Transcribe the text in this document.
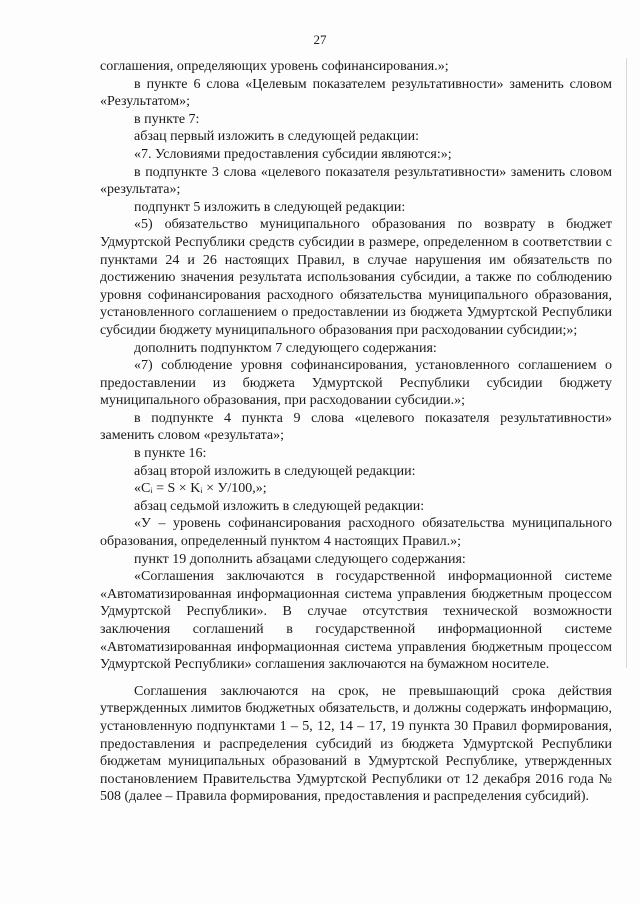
27

соглашения, определяющих уровень софинансирования.»;

в пункте 6 слова «Целевым показателем результативности» заменить словом «Результатом»;

в пункте 7:

абзац первый изложить в следующей редакции:

«7. Условиями предоставления субсидии являются:»;

в подпункте 3 слова «целевого показателя результативности» заменить словом «результата»;

подпункт 5 изложить в следующей редакции:

«5) обязательство муниципального образования по возврату в бюджет Удмуртской Республики средств субсидии в размере, определенном в соответствии с пунктами 24 и 26 настоящих Правил, в случае нарушения им обязательств по достижению значения результата использования субсидии, а также по соблюдению уровня софинансирования расходного обязательства муниципального образования, установленного соглашением о предоставлении из бюджета Удмуртской Республики субсидии бюджету муниципального образования при расходовании субсидии;»;

дополнить подпунктом 7 следующего содержания:

«7) соблюдение уровня софинансирования, установленного соглашением о предоставлении из бюджета Удмуртской Республики субсидии бюджету муниципального образования, при расходовании субсидии.»;

в подпункте 4 пункта 9 слова «целевого показателя результативности» заменить словом «результата»;

в пункте 16:

абзац второй изложить в следующей редакции:

«Cᵢ = S × Kᵢ × У/100,»;

абзац седьмой изложить в следующей редакции:

«У – уровень софинансирования расходного обязательства муниципального образования, определенный пунктом 4 настоящих Правил.»;

пункт 19 дополнить абзацами следующего содержания:

«Соглашения заключаются в государственной информационной системе «Автоматизированная информационная система управления бюджетным процессом Удмуртской Республики». В случае отсутствия технической возможности заключения соглашений в государственной информационной системе «Автоматизированная информационная система управления бюджетным процессом Удмуртской Республики» соглашения заключаются на бумажном носителе.

Соглашения заключаются на срок, не превышающий срока действия утвержденных лимитов бюджетных обязательств, и должны содержать информацию, установленную подпунктами 1 – 5, 12, 14 – 17, 19 пункта 30 Правил формирования, предоставления и распределения субсидий из бюджета Удмуртской Республики бюджетам муниципальных образований в Удмуртской Республике, утвержденных постановлением Правительства Удмуртской Республики от 12 декабря 2016 года № 508 (далее – Правила формирования, предоставления и распределения субсидий).
